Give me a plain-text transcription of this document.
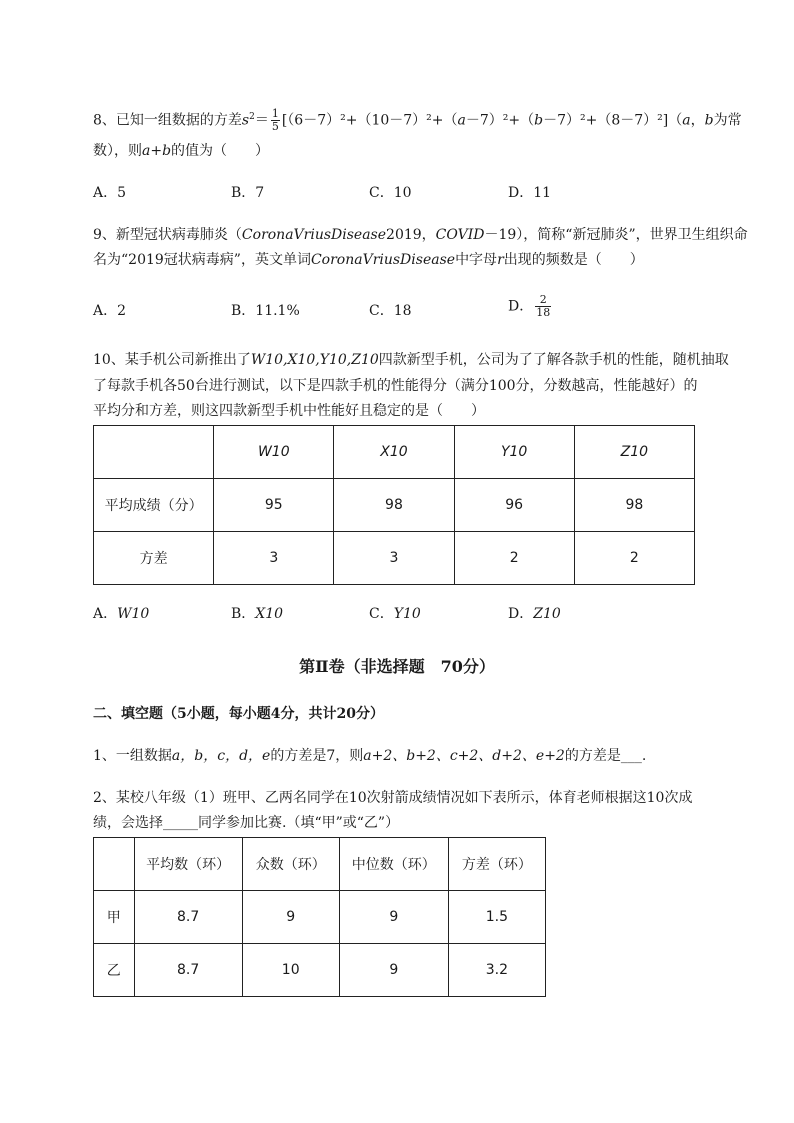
8、已知一组数据的方差$s^2= \frac{1}{5} [(6-7)^2+(10-7)^2+(a-7)^2+(b-7)^2+(8-7)^2](a$，b为常
数），则a+b的值为（　　）
A．5	B．7	C．10	D．11
9、新型冠状病毒肺炎（CoronaVriusDisease2019，COVID－19），简称“新冠肺炎”，世界卫生组织命
名为“2019冠状病毒病”，英文单词CoronaVriusDisease中字母r出现的频数是（　　）
A．2	B．11.1%	C．18	D． $\frac{2}{18}$
10、某手机公司新推出了W10,X10,Y10,Z10四款新型手机，公司为了了解各款手机的性能，随机抽取
了每款手机各50台进行测试，以下是四款手机的性能得分（满分100分，分数越高，性能越好）的
平均分和方差，则这四款新型手机中性能好且稳定的是（　　）
	W10	X10	Y10	Z10
平均成绩（分）	95	98	96	98
方差	3	3	2	2
A．W10	B．X10	C．Y10	D．Z10
第Ⅱ卷（非选择题　70分）
二、填空题（5小题，每小题4分，共计20分）
1、一组数据a，b，c，d，e的方差是7，则a+2、b+2、c+2、d+2、e+2的方差是___.
2、某校八年级（1）班甲、乙两名同学在10次射箭成绩情况如下表所示，体育老师根据这10次成
绩，会选择_____同学参加比赛.（填“甲”或“乙”）
	平均数（环）	众数（环）	中位数（环）	方差（环）
甲	8.7	9	9	1.5
乙	8.7	10	9	3.2
